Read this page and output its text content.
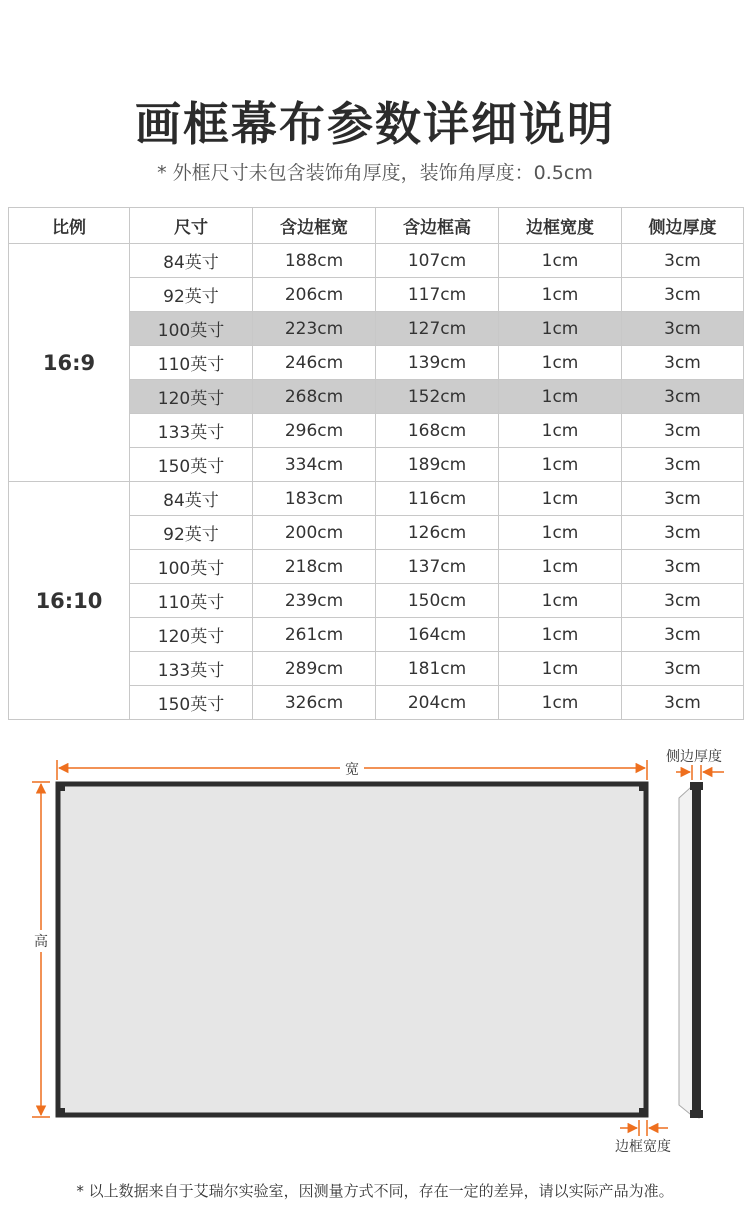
画框幕布参数详细说明
* 外框尺寸未包含装饰角厚度，装饰角厚度：0.5cm
比例	尺寸	含边框宽	含边框高	边框宽度	侧边厚度
16:9	84英寸	188cm	107cm	1cm	3cm
	92英寸	206cm	117cm	1cm	3cm
	100英寸	223cm	127cm	1cm	3cm
	110英寸	246cm	139cm	1cm	3cm
	120英寸	268cm	152cm	1cm	3cm
	133英寸	296cm	168cm	1cm	3cm
	150英寸	334cm	189cm	1cm	3cm
16:10	84英寸	183cm	116cm	1cm	3cm
	92英寸	200cm	126cm	1cm	3cm
	100英寸	218cm	137cm	1cm	3cm
	110英寸	239cm	150cm	1cm	3cm
	120英寸	261cm	164cm	1cm	3cm
	133英寸	289cm	181cm	1cm	3cm
	150英寸	326cm	204cm	1cm	3cm
宽
高
侧边厚度
边框宽度
* 以上数据来自于艾瑞尔实验室，因测量方式不同，存在一定的差异，请以实际产品为准。
